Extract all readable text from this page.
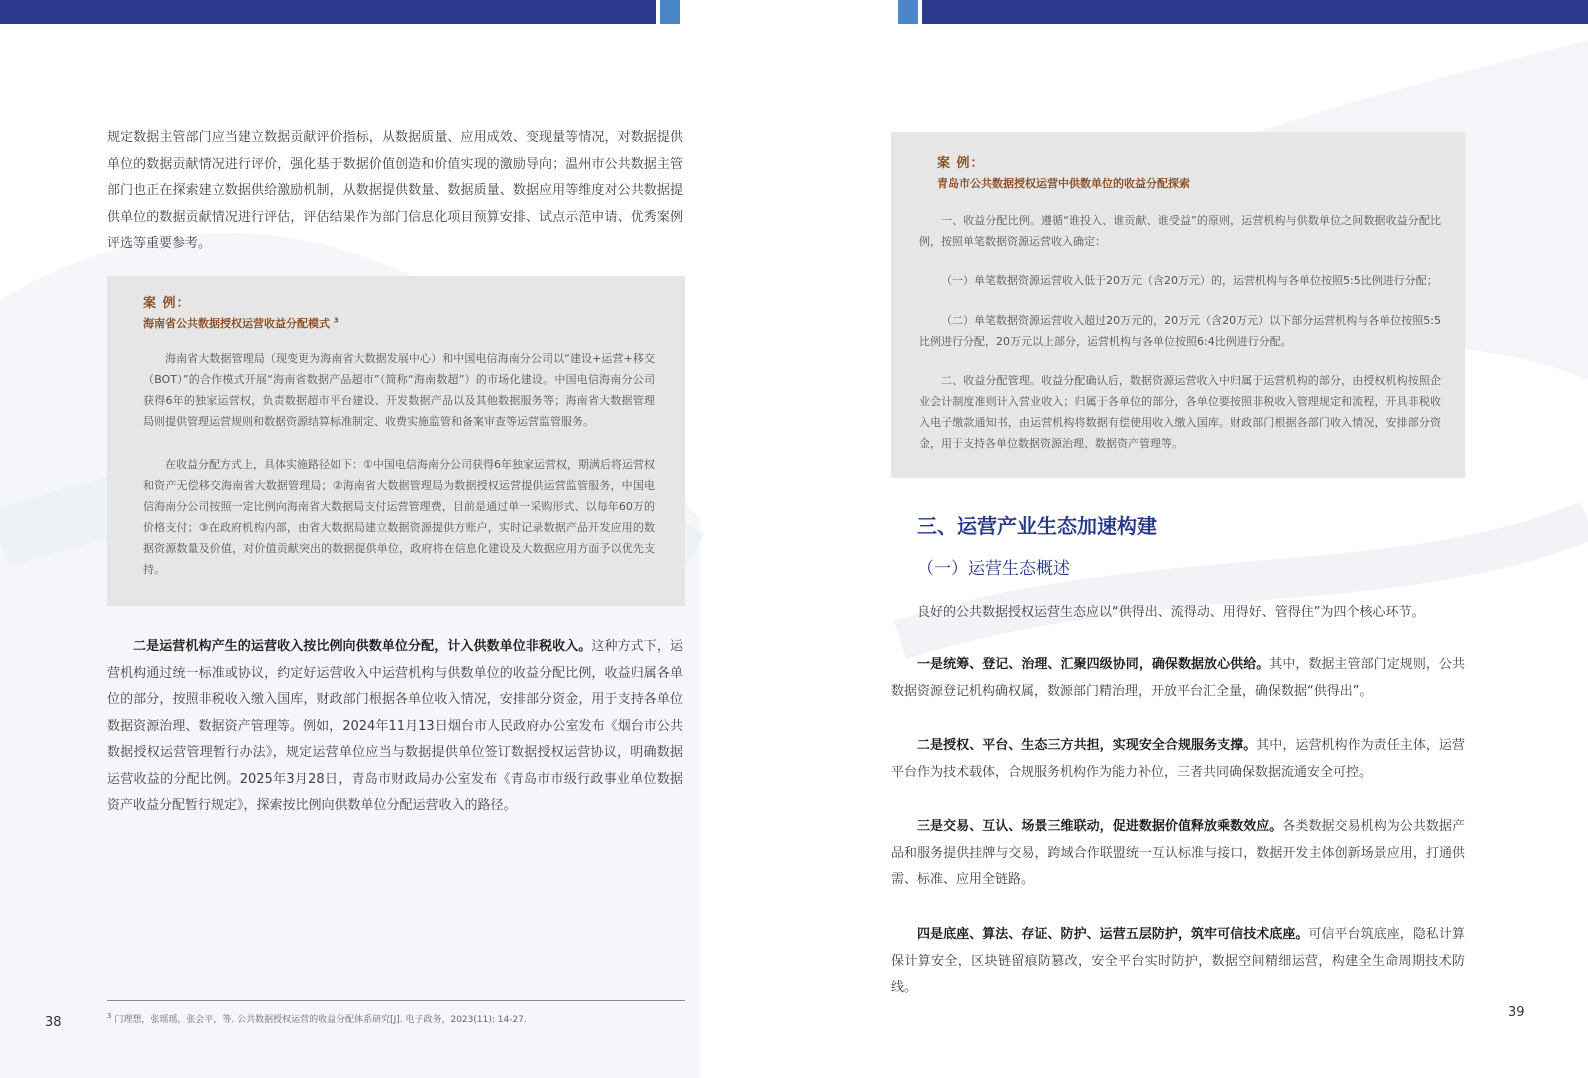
规定数据主管部门应当建立数据贡献评价指标，从数据质量、应用成效、变现量等情况，对数据提供单位的数据贡献情况进行评价，强化基于数据价值创造和价值实现的激励导向；温州市公共数据主管部门也正在探索建立数据供给激励机制，从数据提供数量、数据质量、数据应用等维度对公共数据提供单位的数据贡献情况进行评估，评估结果作为部门信息化项目预算安排、试点示范申请、优秀案例评选等重要参考。

案 例：
海南省公共数据授权运营收益分配模式 $^3$

海南省大数据管理局（现变更为海南省大数据发展中心）和中国电信海南分公司以“建设+运营+移交（BOT）”的合作模式开展“海南省数据产品超市”（简称“海南数超”）的市场化建设。中国电信海南分公司获得6年的独家运营权，负责数据超市平台建设、开发数据产品以及其他数据服务等；海南省大数据管理局则提供管理运营规则和数据资源结算标准制定、收费实施监管和备案审查等运营监管服务。

在收益分配方式上，具体实施路径如下：①中国电信海南分公司获得6年独家运营权，期满后将运营权和资产无偿移交海南省大数据管理局；②海南省大数据管理局为数据授权运营提供运营监管服务，中国电信海南分公司按照一定比例向海南省大数据局支付运营管理费，目前是通过单一采购形式、以每年60万的价格支付；③在政府机构内部，由省大数据局建立数据资源提供方账户，实时记录数据产品开发应用的数据资源数量及价值，对价值贡献突出的数据提供单位，政府将在信息化建设及大数据应用方面予以优先支持。

二是运营机构产生的运营收入按比例向供数单位分配，计入供数单位非税收入。这种方式下，运营机构通过统一标准或协议，约定好运营收入中运营机构与供数单位的收益分配比例，收益归属各单位的部分，按照非税收入缴入国库，财政部门根据各单位收入情况，安排部分资金，用于支持各单位数据资源治理、数据资产管理等。例如，2024年11月13日烟台市人民政府办公室发布《烟台市公共数据授权运营管理暂行办法》，规定运营单位应当与数据提供单位签订数据授权运营协议，明确数据运营收益的分配比例。2025年3月28日，青岛市财政局办公室发布《青岛市市级行政事业单位数据资产收益分配暂行规定》，探索按比例向供数单位分配运营收入的路径。

$^3$ 门理想，张瑶瑶，张会平，等. 公共数据授权运营的收益分配体系研究[J]. 电子政务，2023(11): 14-27.
38
案 例：
青岛市公共数据授权运营中供数单位的收益分配探索

一、收益分配比例。遵循“谁投入、谁贡献、谁受益”的原则，运营机构与供数单位之间数据收益分配比例，按照单笔数据资源运营收入确定：

（一）单笔数据资源运营收入低于20万元（含20万元）的，运营机构与各单位按照5:5比例进行分配；

（二）单笔数据资源运营收入超过20万元的，20万元（含20万元）以下部分运营机构与各单位按照5:5比例进行分配，20万元以上部分，运营机构与各单位按照6:4比例进行分配。

二、收益分配管理。收益分配确认后，数据资源运营收入中归属于运营机构的部分，由授权机构按照企业会计制度准则计入营业收入；归属于各单位的部分，各单位要按照非税收入管理规定和流程，开具非税收入电子缴款通知书，由运营机构将数据有偿使用收入缴入国库。财政部门根据各部门收入情况，安排部分资金，用于支持各单位数据资源治理、数据资产管理等。

三、运营产业生态加速构建
（一）运营生态概述

良好的公共数据授权运营生态应以“供得出、流得动、用得好、管得住”为四个核心环节。

一是统筹、登记、治理、汇聚四级协同，确保数据放心供给。其中，数据主管部门定规则，公共数据资源登记机构确权属，数源部门精治理，开放平台汇全量，确保数据“供得出”。

二是授权、平台、生态三方共担，实现安全合规服务支撑。其中，运营机构作为责任主体，运营平台作为技术载体，合规服务机构作为能力补位，三者共同确保数据流通安全可控。

三是交易、互认、场景三维联动，促进数据价值释放乘数效应。各类数据交易机构为公共数据产品和服务提供挂牌与交易，跨域合作联盟统一互认标准与接口，数据开发主体创新场景应用，打通供需、标准、应用全链路。

四是底座、算法、存证、防护、运营五层防护，筑牢可信技术底座。可信平台筑底座，隐私计算保计算安全，区块链留痕防篡改，安全平台实时防护，数据空间精细运营，构建全生命周期技术防线。

39
